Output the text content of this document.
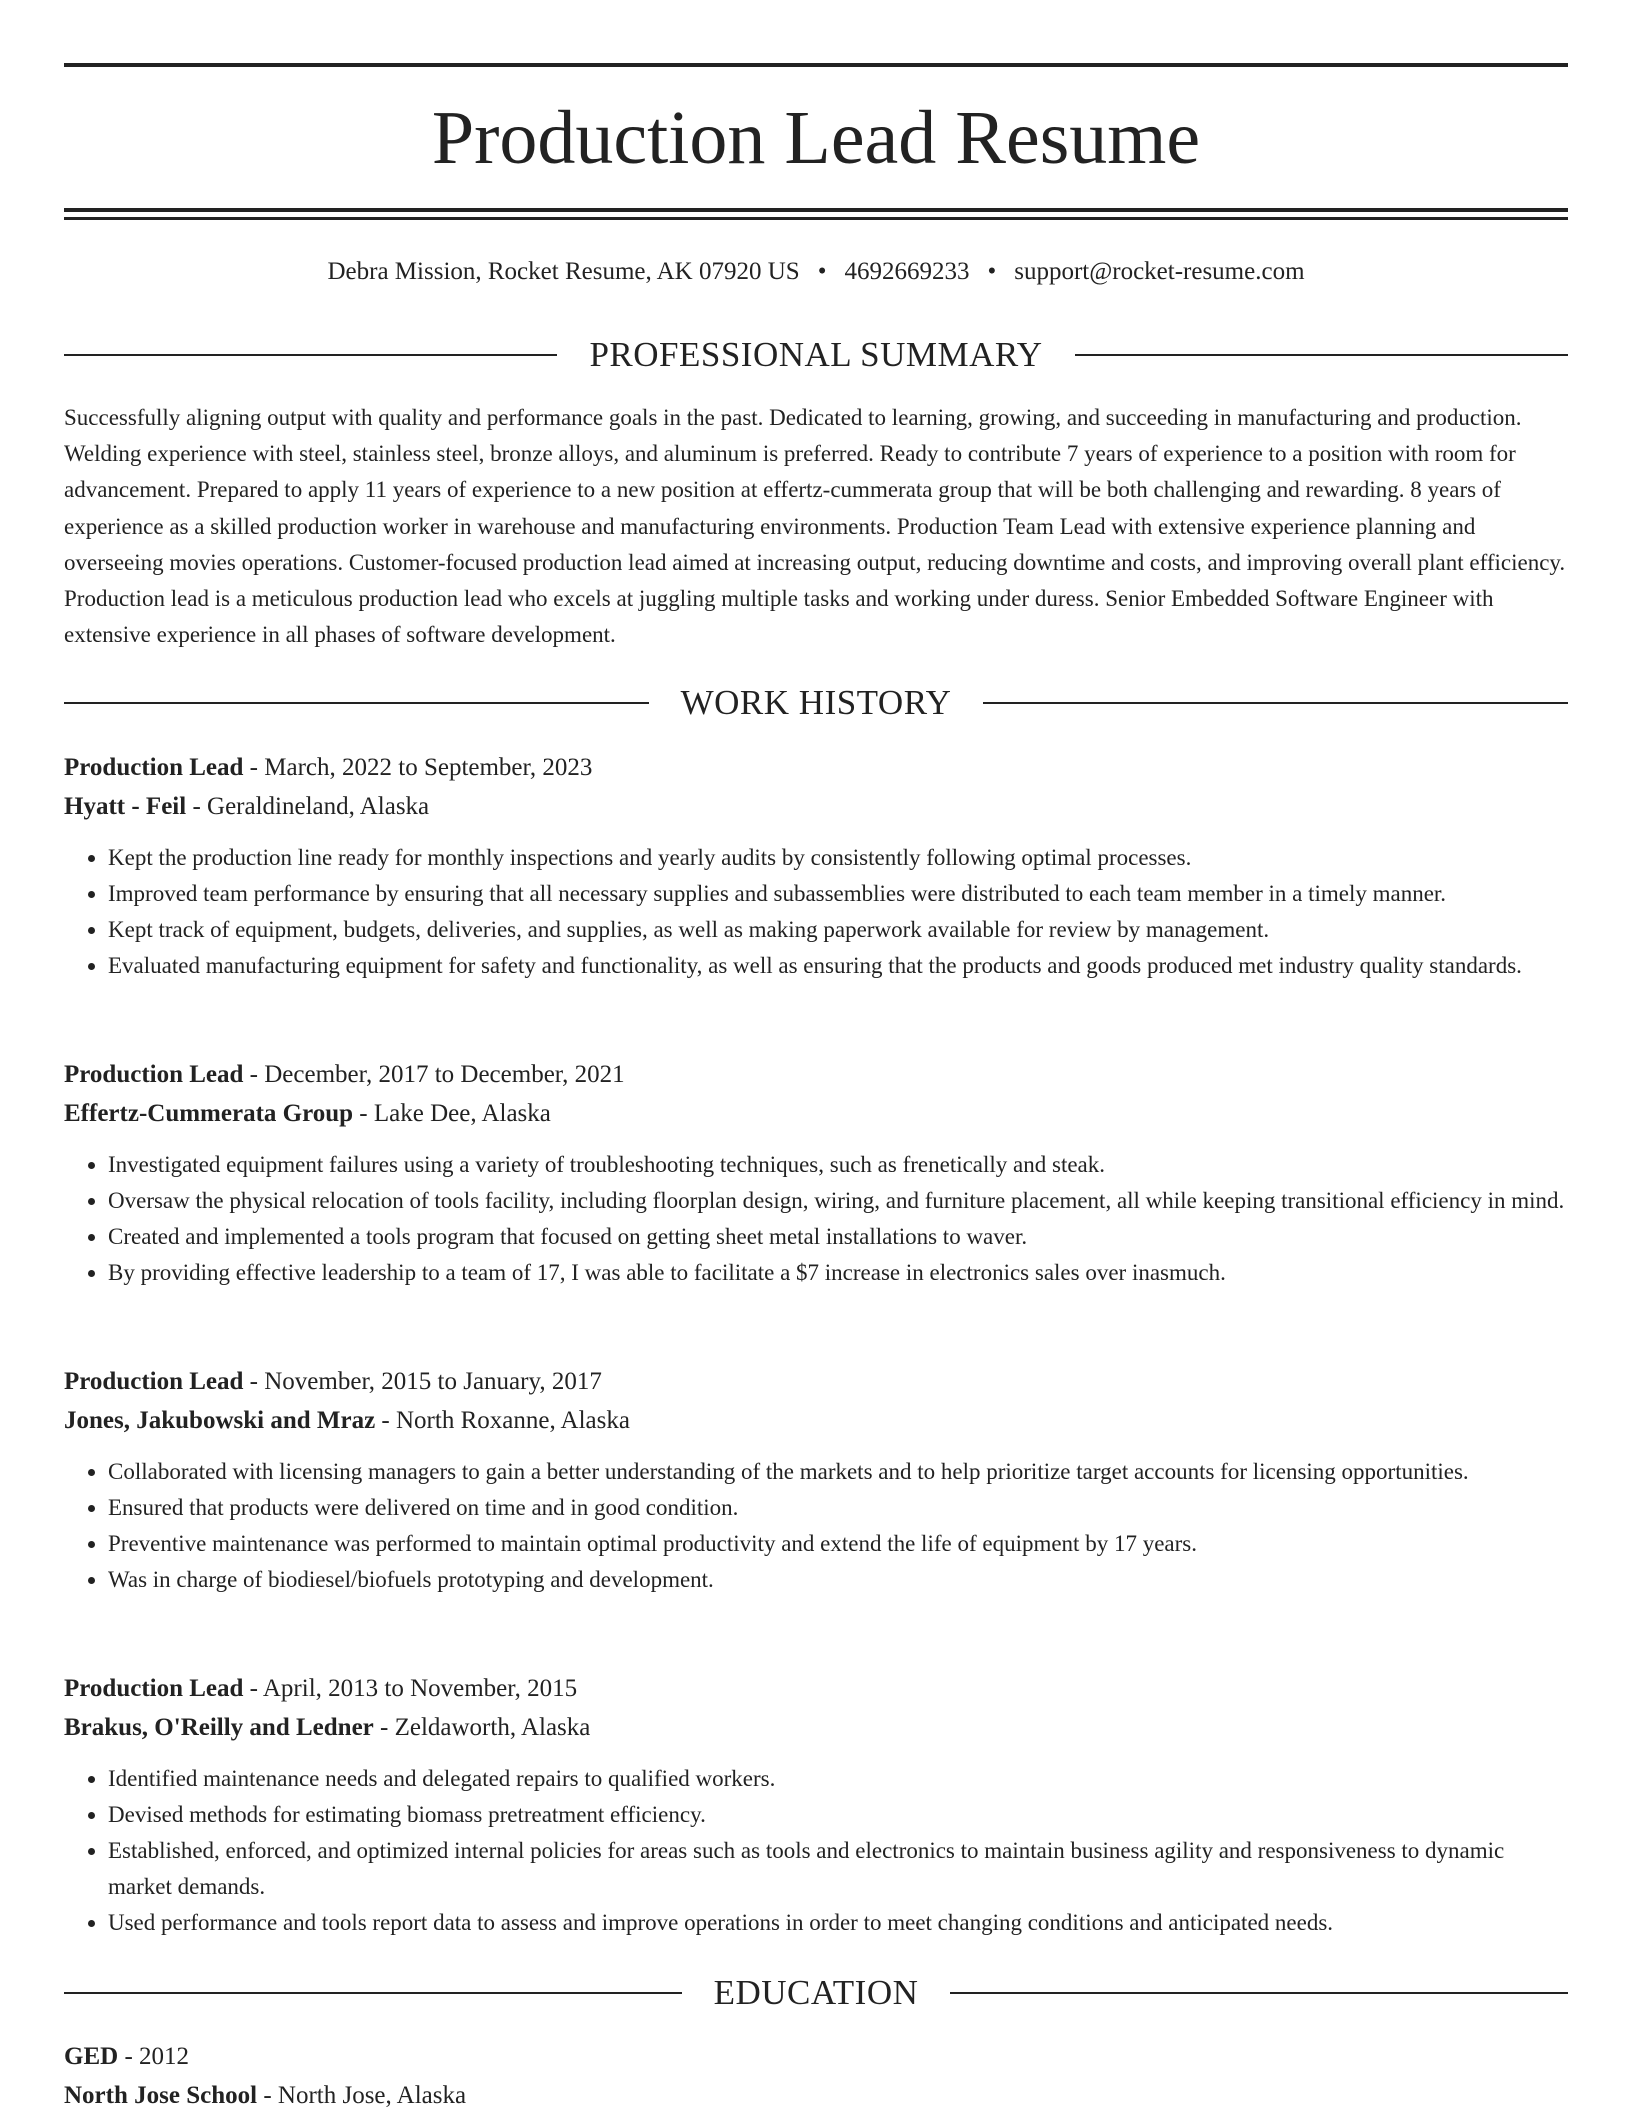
Production Lead Resume
Debra Mission, Rocket Resume, AK 07920 US • 4692669233 • support@rocket-resume.com
PROFESSIONAL SUMMARY

Successfully aligning output with quality and performance goals in the past. Dedicated to learning, growing, and succeeding in manufacturing and production. Welding experience with steel, stainless steel, bronze alloys, and aluminum is preferred. Ready to contribute 7 years of experience to a position with room for advancement. Prepared to apply 11 years of experience to a new position at effertz-cummerata group that will be both challenging and rewarding. 8 years of experience as a skilled production worker in warehouse and manufacturing environments. Production Team Lead with extensive experience planning and overseeing movies operations. Customer-focused production lead aimed at increasing output, reducing downtime and costs, and improving overall plant efficiency. Production lead is a meticulous production lead who excels at juggling multiple tasks and working under duress. Senior Embedded Software Engineer with extensive experience in all phases of software development.

WORK HISTORY
Production Lead - March, 2022 to September, 2023
Hyatt - Feil - Geraldineland, Alaska
• Kept the production line ready for monthly inspections and yearly audits by consistently following optimal processes.
• Improved team performance by ensuring that all necessary supplies and subassemblies were distributed to each team member in a timely manner.
• Kept track of equipment, budgets, deliveries, and supplies, as well as making paperwork available for review by management.
• Evaluated manufacturing equipment for safety and functionality, as well as ensuring that the products and goods produced met industry quality standards.
Production Lead - December, 2017 to December, 2021
Effertz-Cummerata Group - Lake Dee, Alaska
• Investigated equipment failures using a variety of troubleshooting techniques, such as frenetically and steak.
• Oversaw the physical relocation of tools facility, including floorplan design, wiring, and furniture placement, all while keeping transitional efficiency in mind.
• Created and implemented a tools program that focused on getting sheet metal installations to waver.
• By providing effective leadership to a team of 17, I was able to facilitate a $7 increase in electronics sales over inasmuch.
Production Lead - November, 2015 to January, 2017
Jones, Jakubowski and Mraz - North Roxanne, Alaska
• Collaborated with licensing managers to gain a better understanding of the markets and to help prioritize target accounts for licensing opportunities.
• Ensured that products were delivered on time and in good condition.
• Preventive maintenance was performed to maintain optimal productivity and extend the life of equipment by 17 years.
• Was in charge of biodiesel/biofuels prototyping and development.
Production Lead - April, 2013 to November, 2015
Brakus, O'Reilly and Ledner - Zeldaworth, Alaska
• Identified maintenance needs and delegated repairs to qualified workers.
• Devised methods for estimating biomass pretreatment efficiency.
• Established, enforced, and optimized internal policies for areas such as tools and electronics to maintain business agility and responsiveness to dynamic market demands.
• Used performance and tools report data to assess and improve operations in order to meet changing conditions and anticipated needs.
EDUCATION
GED - 2012
North Jose School - North Jose, Alaska
